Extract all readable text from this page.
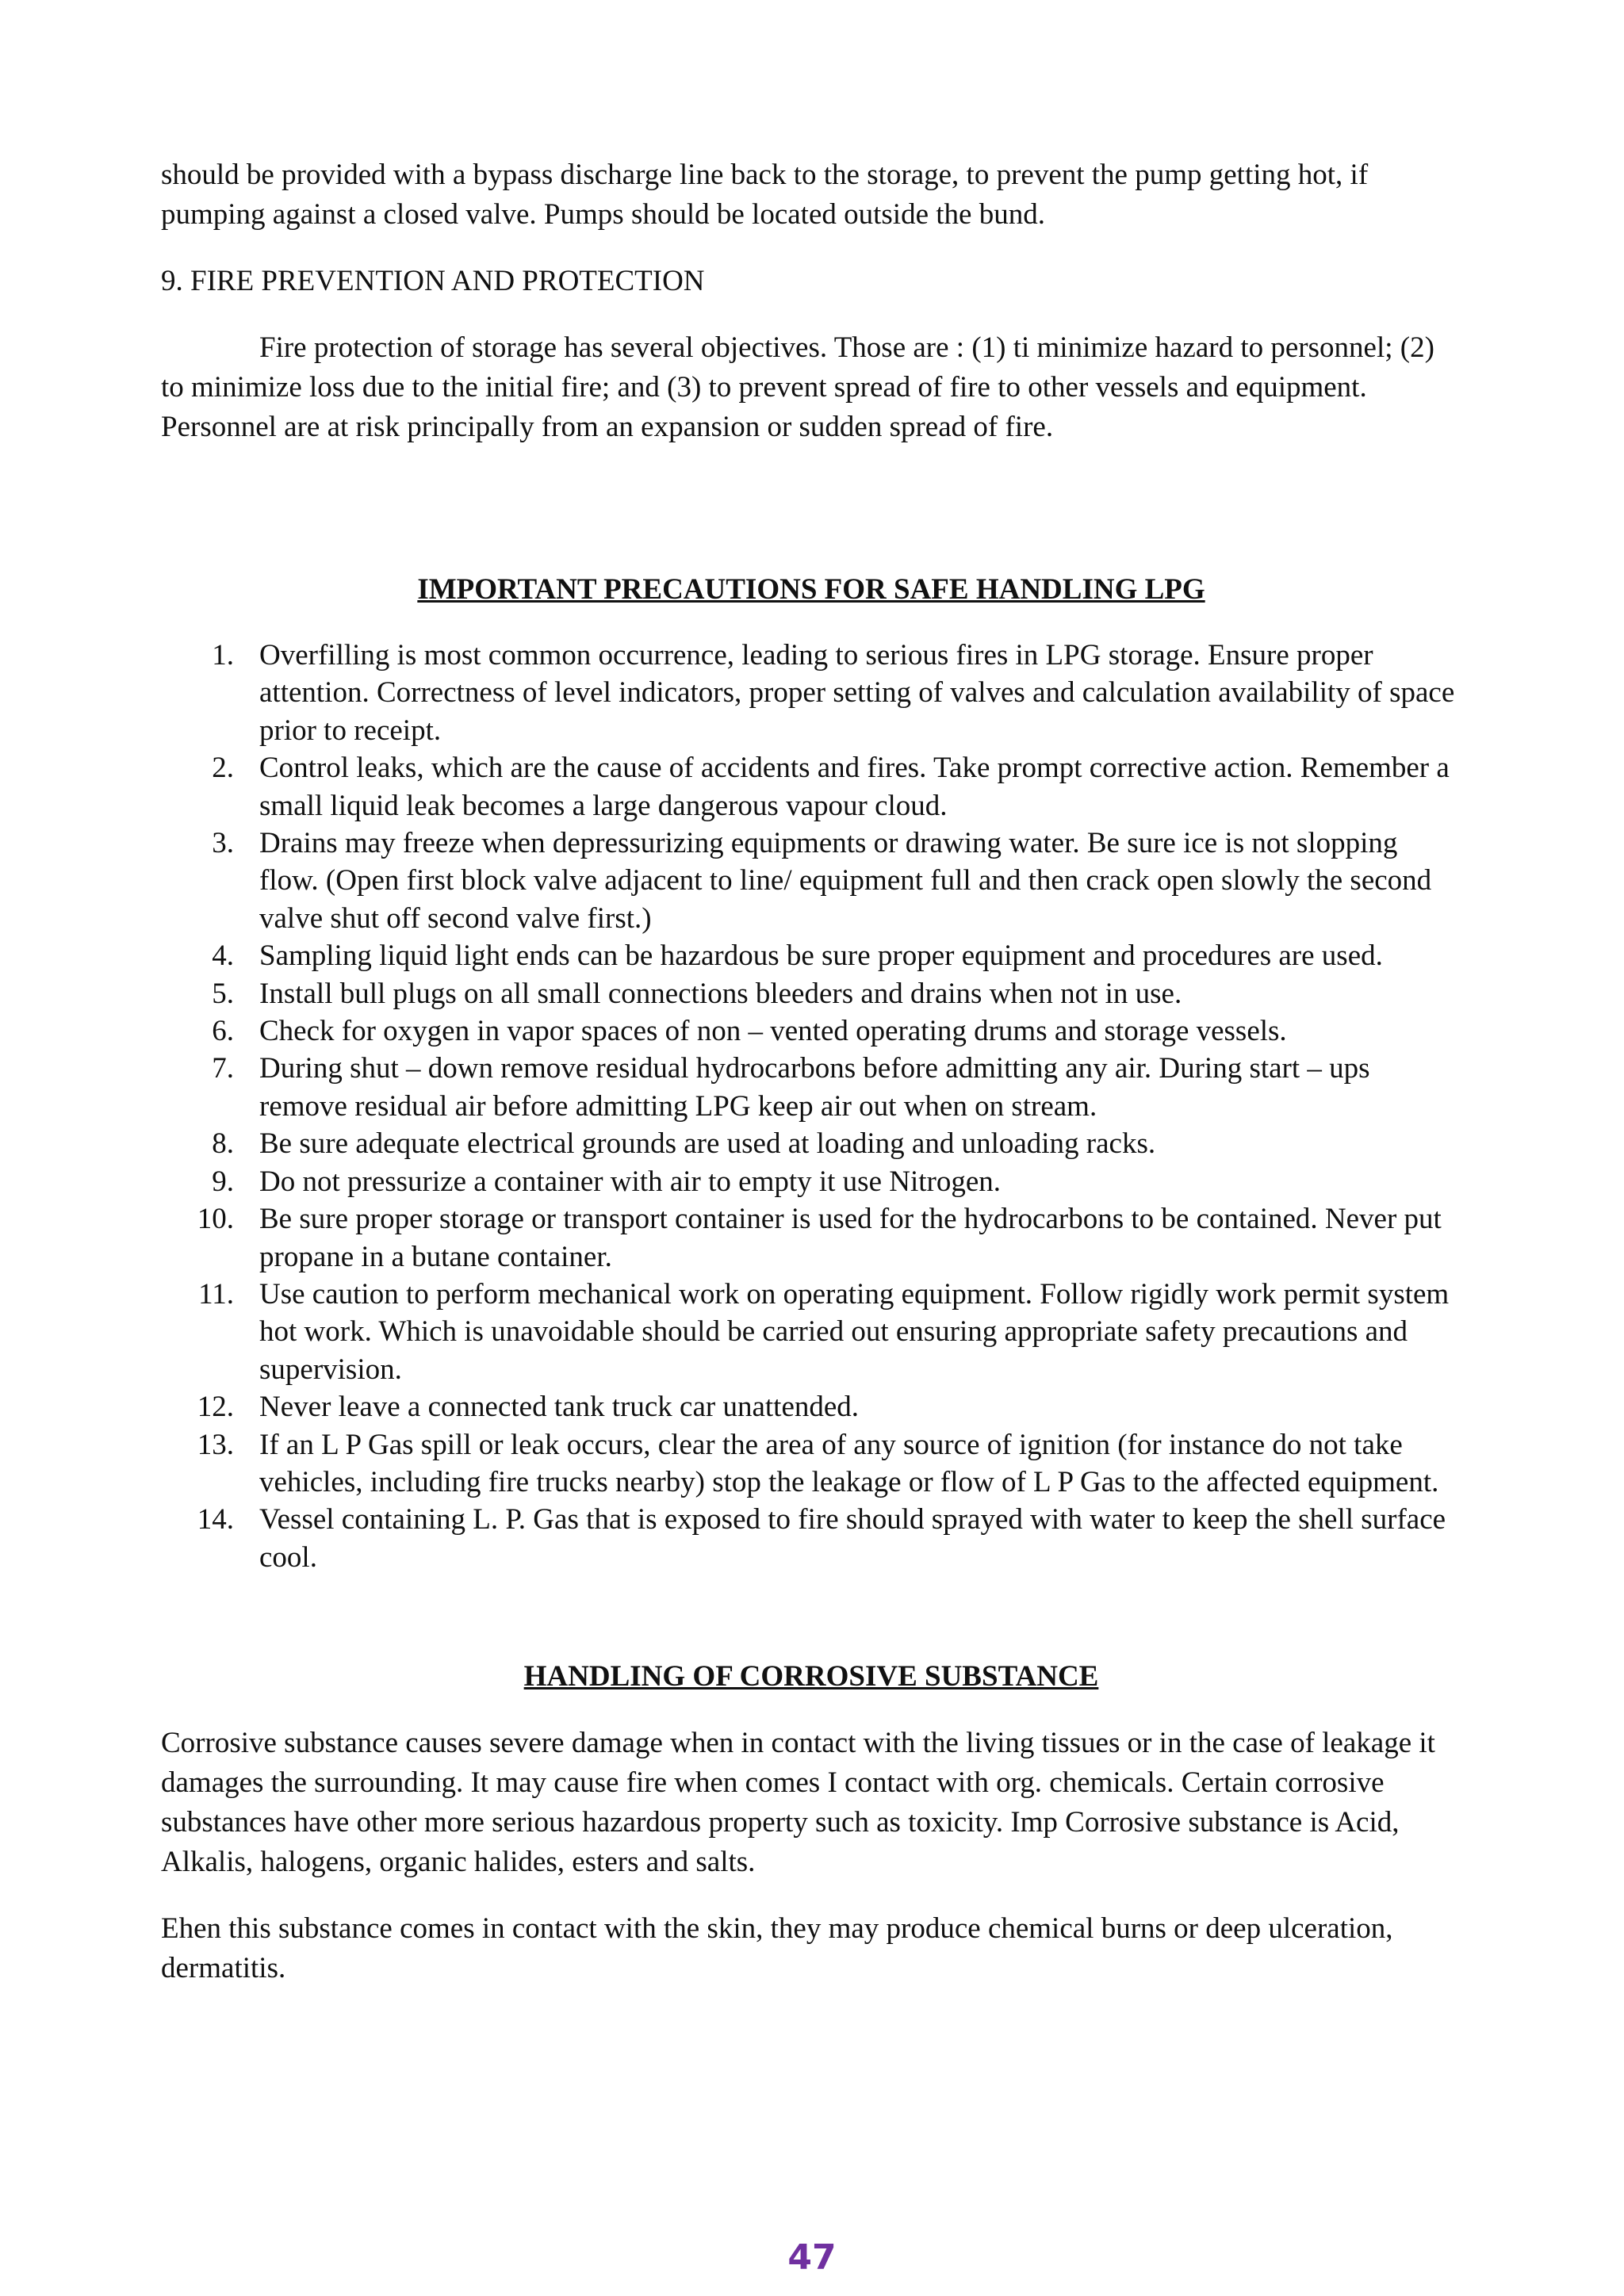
should be provided with a bypass discharge line back to the storage, to prevent the pump getting hot, if pumping against a closed valve. Pumps should be located outside the bund.

9. FIRE PREVENTION AND PROTECTION

Fire protection of storage has several objectives. Those are : (1) ti minimize hazard to personnel; (2) to minimize loss due to the initial fire; and (3) to prevent spread of fire to other vessels and equipment. Personnel are at risk principally from an expansion or sudden spread of fire.

IMPORTANT PRECAUTIONS FOR SAFE HANDLING LPG
1. Overfilling is most common occurrence, leading to serious fires in LPG storage. Ensure proper attention. Correctness of level indicators, proper setting of valves and calculation availability of space prior to receipt.
2. Control leaks, which are the cause of accidents and fires. Take prompt corrective action. Remember a small liquid leak becomes a large dangerous vapour cloud.
3. Drains may freeze when depressurizing equipments or drawing water. Be sure ice is not slopping flow. (Open first block valve adjacent to line/ equipment full and then crack open slowly the second valve shut off second valve first.)
4. Sampling liquid light ends can be hazardous be sure proper equipment and procedures are used.
5. Install bull plugs on all small connections bleeders and drains when not in use.
6. Check for oxygen in vapor spaces of non – vented operating drums and storage vessels.
7. During shut – down remove residual hydrocarbons before admitting any air. During start – ups remove residual air before admitting LPG keep air out when on stream.
8. Be sure adequate electrical grounds are used at loading and unloading racks.
9. Do not pressurize a container with air to empty it use Nitrogen.
10. Be sure proper storage or transport container is used for the hydrocarbons to be contained. Never put propane in a butane container.
11. Use caution to perform mechanical work on operating equipment. Follow rigidly work permit system hot work. Which is unavoidable should be carried out ensuring appropriate safety precautions and supervision.
12. Never leave a connected tank truck car unattended.
13. If an L P Gas spill or leak occurs, clear the area of any source of ignition (for instance do not take vehicles, including fire trucks nearby) stop the leakage or flow of L P Gas to the affected equipment.
14. Vessel containing L. P. Gas that is exposed to fire should sprayed with water to keep the shell surface cool.
HANDLING OF CORROSIVE SUBSTANCE

Corrosive substance causes severe damage when in contact with the living tissues or in the case of leakage it damages the surrounding. It may cause fire when comes I contact with org. chemicals. Certain corrosive substances have other more serious hazardous property such as toxicity. Imp Corrosive substance is Acid, Alkalis, halogens, organic halides, esters and salts.

Ehen this substance comes in contact with the skin, they may produce chemical burns or deep ulceration, dermatitis.

47
